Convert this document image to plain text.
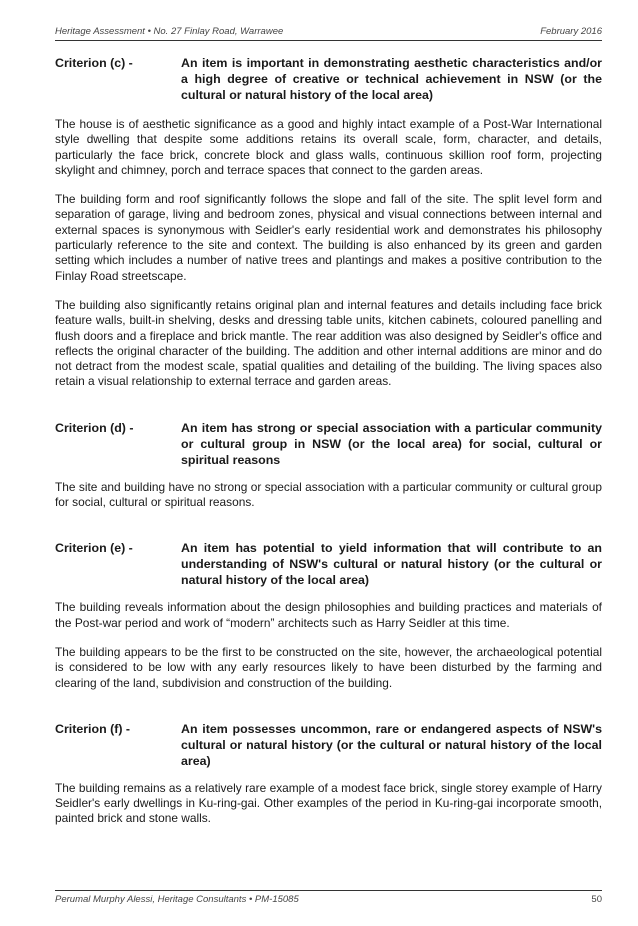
Heritage Assessment • No. 27 Finlay Road, Warrawee	February 2016
Criterion (c) -	An item is important in demonstrating aesthetic characteristics and/or a high degree of creative or technical achievement in NSW (or the cultural or natural history of the local area)

The house is of aesthetic significance as a good and highly intact example of a Post-War International style dwelling that despite some additions retains its overall scale, form, character, and details, particularly the face brick, concrete block and glass walls, continuous skillion roof form, projecting skylight and chimney, porch and terrace spaces that connect to the garden areas.

The building form and roof significantly follows the slope and fall of the site. The split level form and separation of garage, living and bedroom zones, physical and visual connections between internal and external spaces is synonymous with Seidler's early residential work and demonstrates his philosophy particularly reference to the site and context. The building is also enhanced by its green and garden setting which includes a number of native trees and plantings and makes a positive contribution to the Finlay Road streetscape.

The building also significantly retains original plan and internal features and details including face brick feature walls, built-in shelving, desks and dressing table units, kitchen cabinets, coloured panelling and flush doors and a fireplace and brick mantle. The rear addition was also designed by Seidler's office and reflects the original character of the building. The addition and other internal additions are minor and do not detract from the modest scale, spatial qualities and detailing of the building. The living spaces also retain a visual relationship to external terrace and garden areas.

Criterion (d) -	An item has strong or special association with a particular community or cultural group in NSW (or the local area) for social, cultural or spiritual reasons

The site and building have no strong or special association with a particular community or cultural group for social, cultural or spiritual reasons.

Criterion (e) -	An item has potential to yield information that will contribute to an understanding of NSW's cultural or natural history (or the cultural or natural history of the local area)

The building reveals information about the design philosophies and building practices and materials of the Post-war period and work of “modern” architects such as Harry Seidler at this time.

The building appears to be the first to be constructed on the site, however, the archaeological potential is considered to be low with any early resources likely to have been disturbed by the farming and clearing of the land, subdivision and construction of the building.

Criterion (f) -	An item possesses uncommon, rare or endangered aspects of NSW's cultural or natural history (or the cultural or natural history of the local area)

The building remains as a relatively rare example of a modest face brick, single storey example of Harry Seidler's early dwellings in Ku-ring-gai. Other examples of the period in Ku-ring-gai incorporate smooth, painted brick and stone walls.

Perumal Murphy Alessi, Heritage Consultants • PM-15085	50
